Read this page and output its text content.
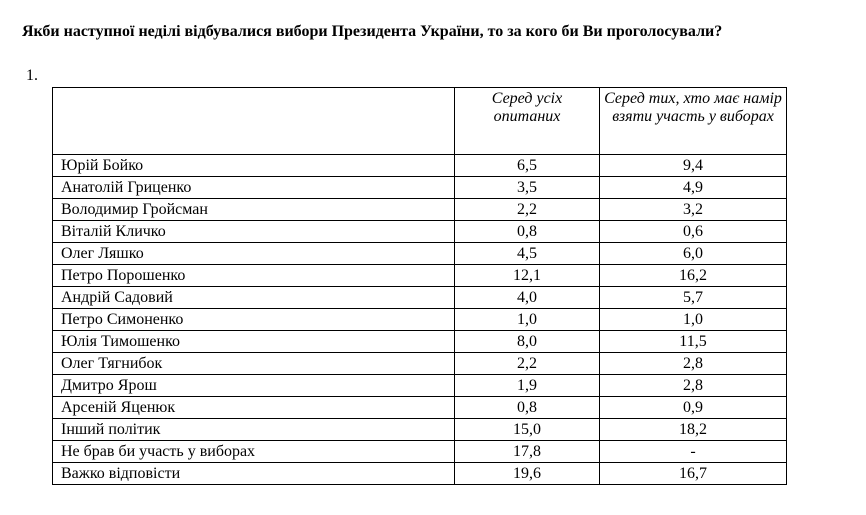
Якби наступної неділі відбувалися вибори Президента України, то за кого би Ви проголосували?
1.
	Серед усіх опитаних	Серед тих, хто має намір взяти участь у виборах
Юрій Бойко	6,5	9,4
Анатолій Гриценко	3,5	4,9
Володимир Гройсман	2,2	3,2
Віталій Кличко	0,8	0,6
Олег Ляшко	4,5	6,0
Петро Порошенко	12,1	16,2
Андрій Садовий	4,0	5,7
Петро Симоненко	1,0	1,0
Юлія Тимошенко	8,0	11,5
Олег Тягнибок	2,2	2,8
Дмитро Ярош	1,9	2,8
Арсеній Яценюк	0,8	0,9
Інший політик	15,0	18,2
Не брав би участь у виборах	17,8	-
Важко відповісти	19,6	16,7
